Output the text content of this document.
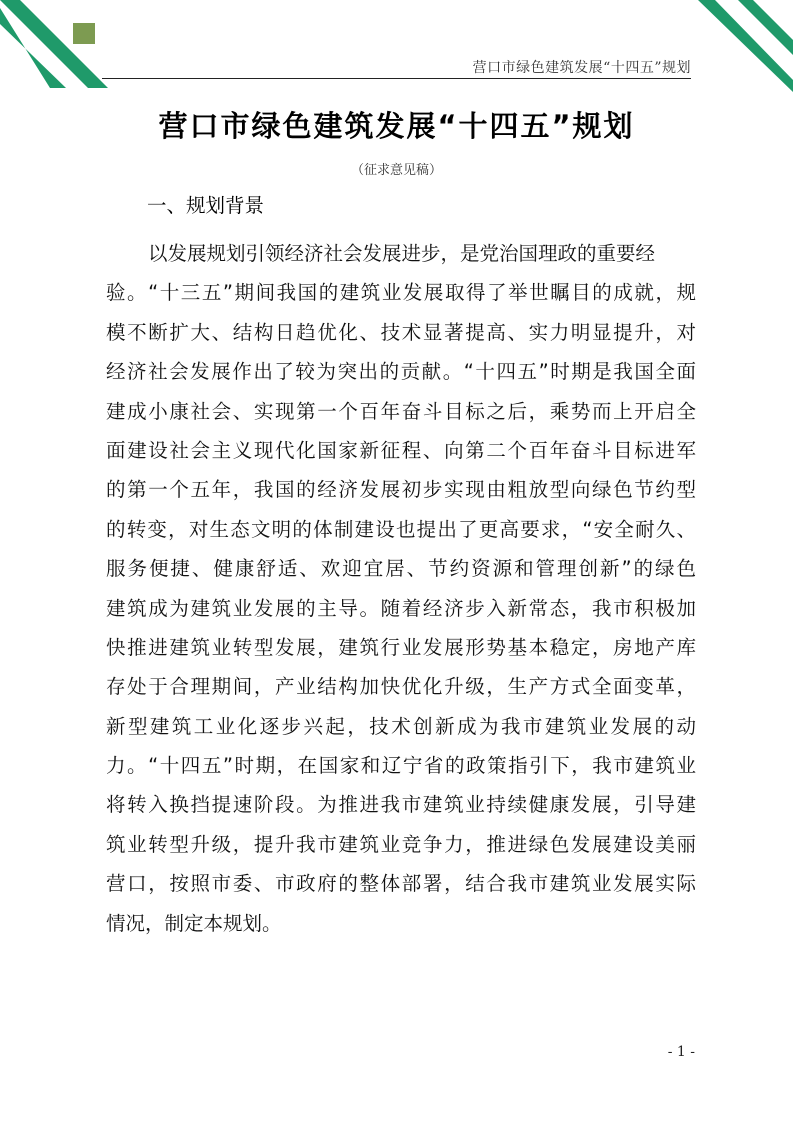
营口市绿色建筑发展“十四五”规划
营口市绿色建筑发展“十四五”规划
（征求意见稿）
一、规划背景
以发展规划引领经济社会发展进步，是党治国理政的重要经
验。“十三五”期间我国的建筑业发展取得了举世瞩目的成就，规
模不断扩大、结构日趋优化、技术显著提高、实力明显提升，对
经济社会发展作出了较为突出的贡献。“十四五”时期是我国全面
建成小康社会、实现第一个百年奋斗目标之后，乘势而上开启全
面建设社会主义现代化国家新征程、向第二个百年奋斗目标进军
的第一个五年，我国的经济发展初步实现由粗放型向绿色节约型
的转变，对生态文明的体制建设也提出了更高要求，“安全耐久、
服务便捷、健康舒适、欢迎宜居、节约资源和管理创新”的绿色
建筑成为建筑业发展的主导。随着经济步入新常态，我市积极加
快推进建筑业转型发展，建筑行业发展形势基本稳定，房地产库
存处于合理期间，产业结构加快优化升级，生产方式全面变革，
新型建筑工业化逐步兴起，技术创新成为我市建筑业发展的动
力。“十四五”时期，在国家和辽宁省的政策指引下，我市建筑业
将转入换挡提速阶段。为推进我市建筑业持续健康发展，引导建
筑业转型升级，提升我市建筑业竞争力，推进绿色发展建设美丽
营口，按照市委、市政府的整体部署，结合我市建筑业发展实际
情况，制定本规划。
- 1 -
